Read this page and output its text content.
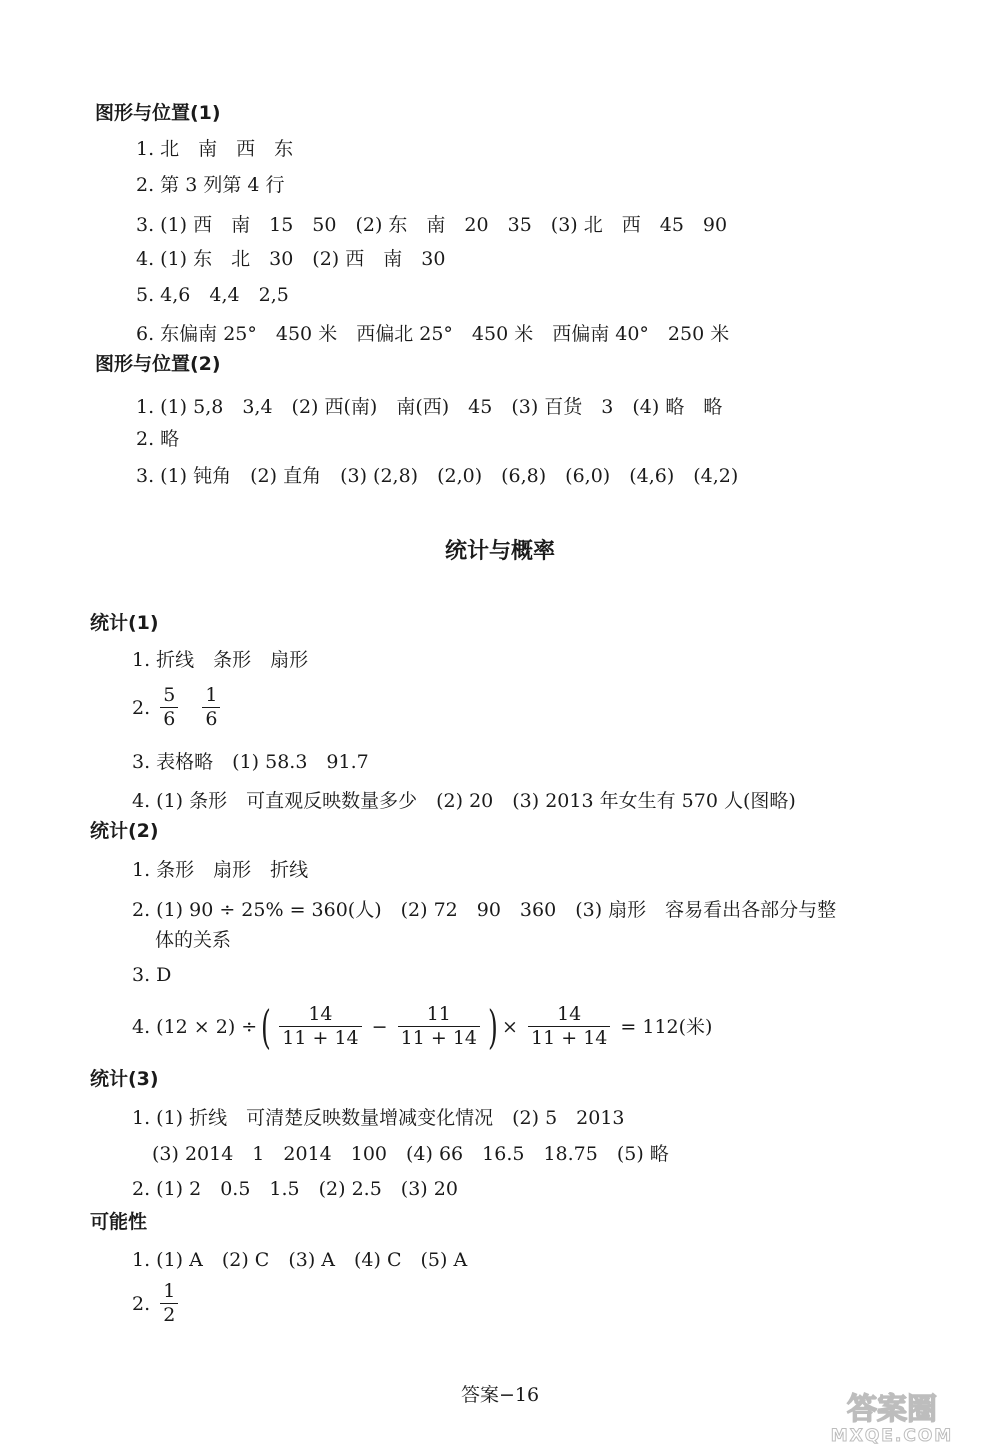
图形与位置(1)
1. 北　南　西　东
2. 第 3 列第 4 行
3. (1) 西　南　15　50　(2) 东　南　20　35　(3) 北　西　45　90
4. (1) 东　北　30　(2) 西　南　30
5. 4,6　4,4　2,5
6. 东偏南 25°　450 米　西偏北 25°　450 米　西偏南 40°　250 米
图形与位置(2)
1. (1) 5,8　3,4　(2) 西(南)　南(西)　45　(3) 百货　3　(4) 略　略
2. 略
3. (1) 钝角　(2) 直角　(3) (2,8)　(2,0)　(6,8)　(6,0)　(4,6)　(4,2)
统计与概率
统计(1)
1. 折线　条形　扇形
2. $\frac{5}{6}$
$\frac{1}{6}$
3. 表格略　(1) 58.3　91.7
4. (1) 条形　可直观反映数量多少　(2) 20　(3) 2013 年女生有 570 人(图略)
统计(2)
1. 条形　扇形　折线
2. (1) 90 ÷ 25% = 360(人)　(2) 72　90　360　(3) 扇形　容易看出各部分与整
体的关系
3. D
4. (12 × 2) ÷ ( $\frac{14}{11 + 14} - \frac{11}{11 + 14}$ ) × $\frac{14}{11 + 14} = 112$(米)
统计(3)
1. (1) 折线　可清楚反映数量增减变化情况　(2) 5　2013
(3) 2014　1　2014　100　(4) 66　16.5　18.75　(5) 略
2. (1) 2　0.5　1.5　(2) 2.5　(3) 20
可能性
1. (1) A　(2) C　(3) A　(4) C　(5) A
2. $\frac{1}{2}$
答案−16	答案圈
MXQE.COM
